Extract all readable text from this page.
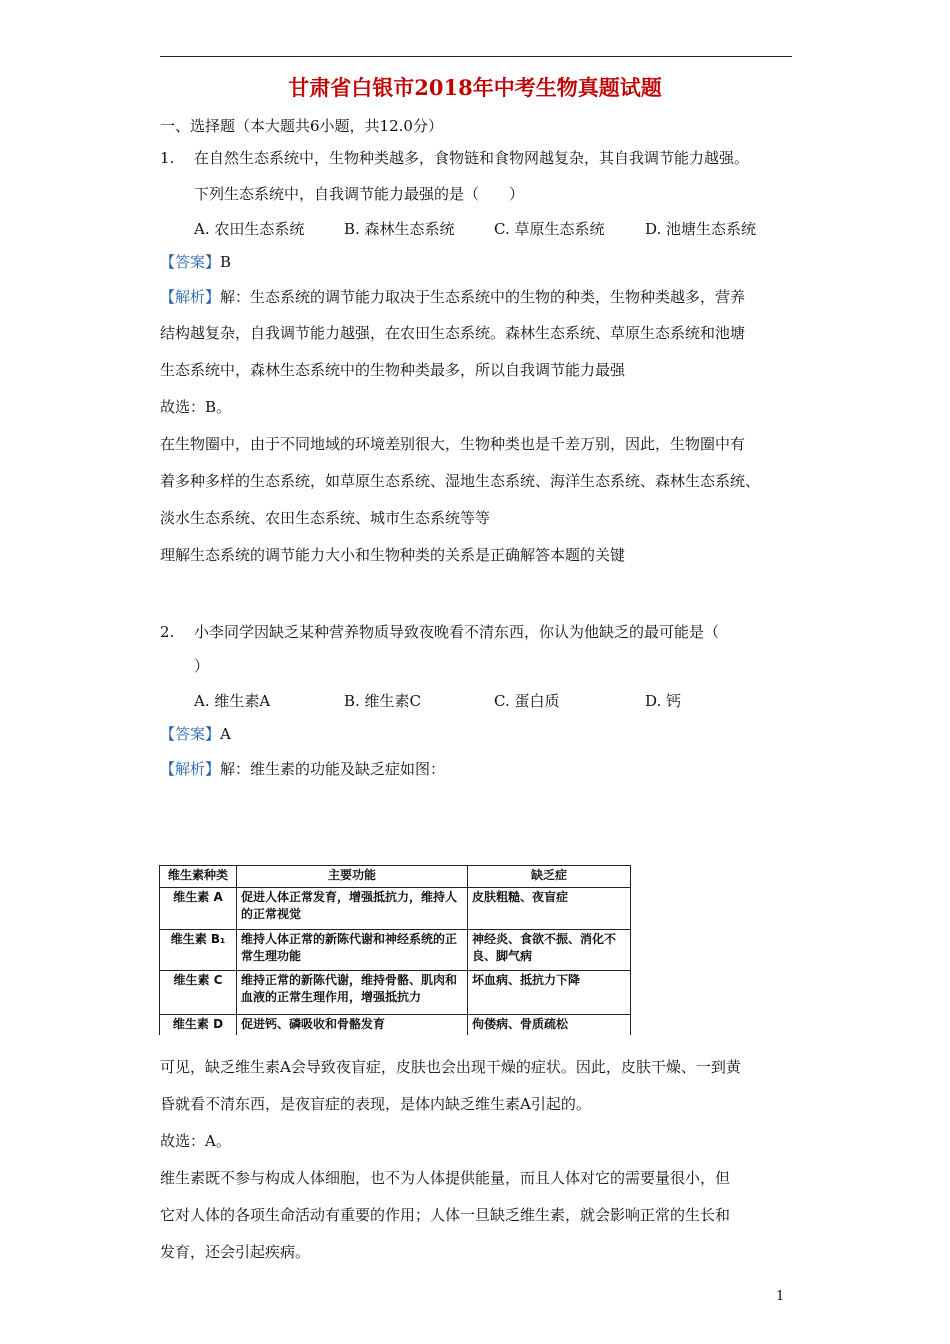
甘肃省白银市2018年中考生物真题试题
一、选择题（本大题共6小题，共12.0分）
1. 在自然生态系统中，生物种类越多，食物链和食物网越复杂，其自我调节能力越强。
下列生态系统中，自我调节能力最强的是（　　）
A. 农田生态系统	B. 森林生态系统	C. 草原生态系统	D. 池塘生态系统
【答案】B
【解析】解：生态系统的调节能力取决于生态系统中的生物的种类，生物种类越多，营养
结构越复杂，自我调节能力越强，在农田生态系统。森林生态系统、草原生态系统和池塘
生态系统中，森林生态系统中的生物种类最多，所以自我调节能力最强
故选：B。
在生物圈中，由于不同地域的环境差别很大，生物种类也是千差万别，因此，生物圈中有
着多种多样的生态系统，如草原生态系统、湿地生态系统、海洋生态系统、森林生态系统、
淡水生态系统、农田生态系统、城市生态系统等等
理解生态系统的调节能力大小和生物种类的关系是正确解答本题的关键
2. 小李同学因缺乏某种营养物质导致夜晚看不清东西，你认为他缺乏的最可能是（
）
A. 维生素A	B. 维生素C	C. 蛋白质	D. 钙
【答案】A
【解析】解：维生素的功能及缺乏症如图：
维生素种类	主要功能	缺乏症
维生素 A	促进人体正常发育，增强抵抗力，维持人的正常视觉	皮肤粗糙、夜盲症
维生素 B₁	维持人体正常的新陈代谢和神经系统的正常生理功能	神经炎、食欲不振、消化不良、脚气病
维生素 C	维持正常的新陈代谢，维持骨骼、肌肉和血液的正常生理作用，增强抵抗力	坏血病、抵抗力下降
维生素 D	促进钙、磷吸收和骨骼发育	佝偻病、骨质疏松
可见，缺乏维生素A会导致夜盲症，皮肤也会出现干燥的症状。因此，皮肤干燥、一到黄
昏就看不清东西，是夜盲症的表现，是体内缺乏维生素A引起的。
故选：A。
维生素既不参与构成人体细胞，也不为人体提供能量，而且人体对它的需要量很小，但
它对人体的各项生命活动有重要的作用；人体一旦缺乏维生素，就会影响正常的生长和
发育，还会引起疾病。
1
